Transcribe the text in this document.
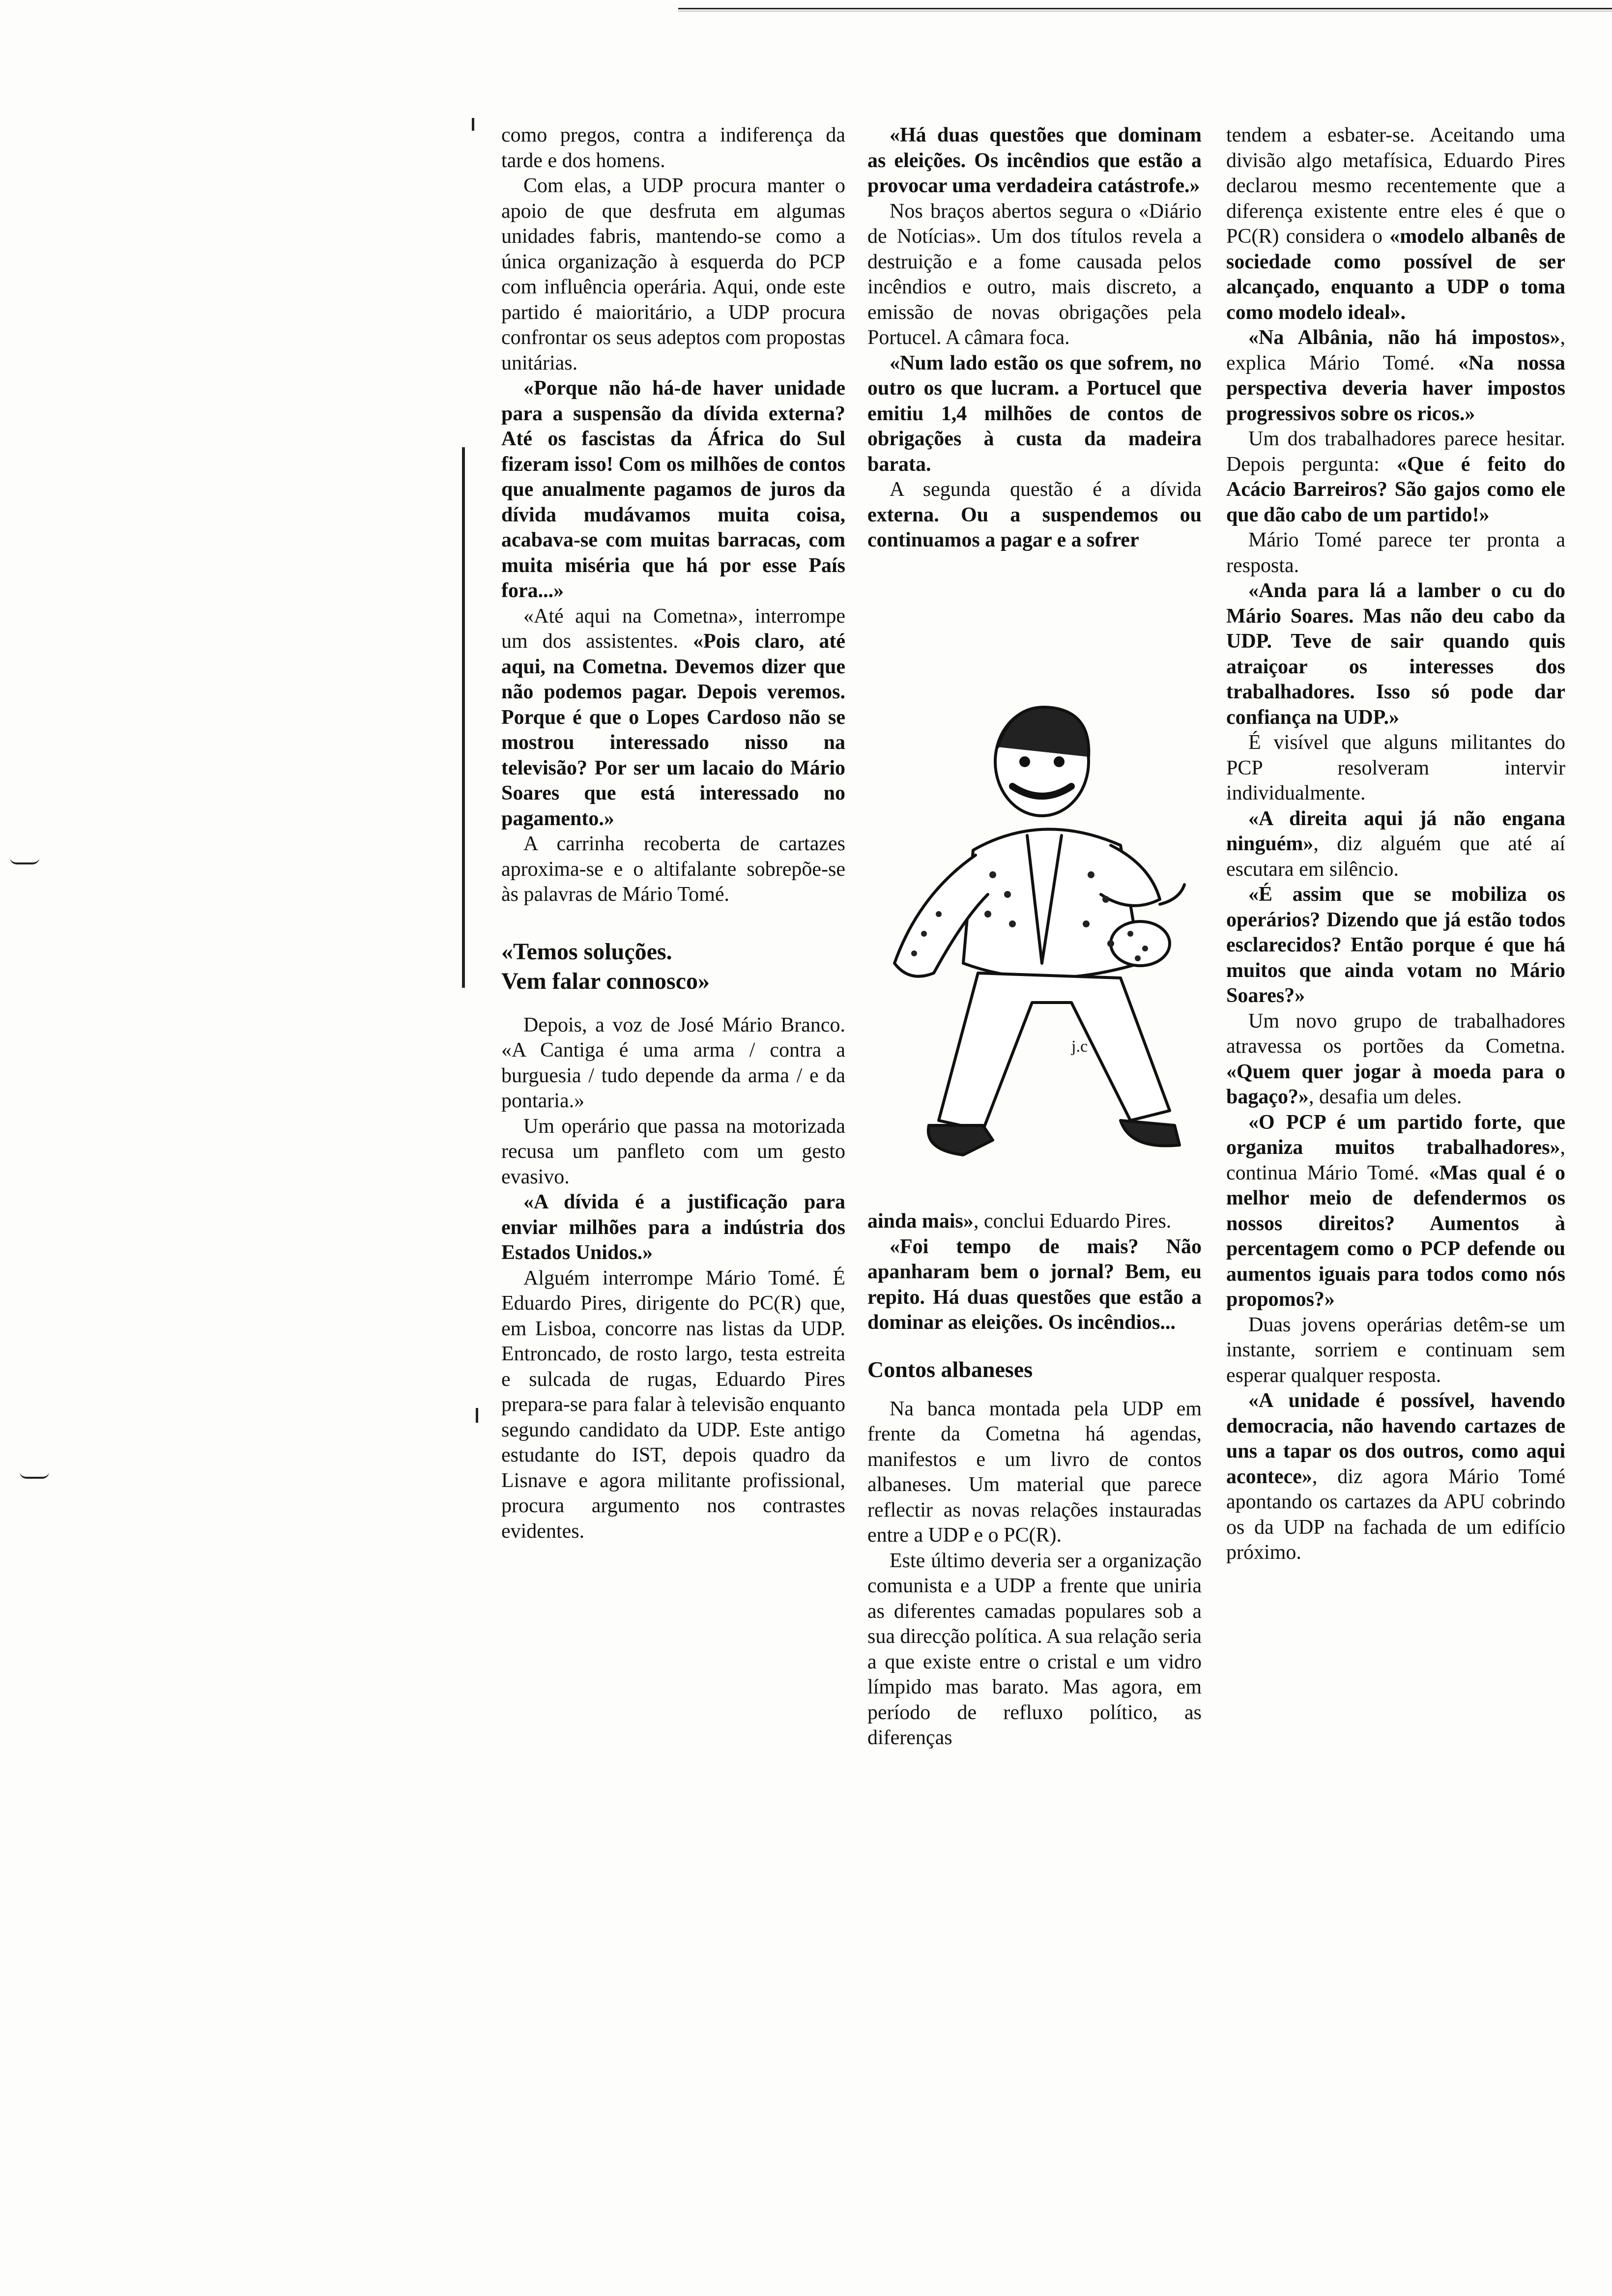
como pregos, contra a indiferença da tarde e dos homens.

Com elas, a UDP procura manter o apoio de que desfruta em algumas unidades fabris, mantendo-se como a única organização à esquerda do PCP com influência operária. Aqui, onde este partido é maioritário, a UDP procura confrontar os seus adeptos com propostas unitárias.

«Porque não há-de haver unidade para a suspensão da dívida externa? Até os fascistas da África do Sul fizeram isso! Com os milhões de contos que anualmente pagamos de juros da dívida mudávamos muita coisa, acabava-se com muitas barracas, com muita miséria que há por esse País fora...»

«Até aqui na Cometna», interrompe um dos assistentes. «Pois claro, até aqui, na Cometna. Devemos dizer que não podemos pagar. Depois veremos. Porque é que o Lopes Cardoso não se mostrou interessado nisso na televisão? Por ser um lacaio do Mário Soares que está interessado no pagamento.»

A carrinha recoberta de cartazes aproxima-se e o altifalante sobrepõe-se às palavras de Mário Tomé.

«Temos soluções.

Vem falar connosco»

Depois, a voz de José Mário Branco. «A Cantiga é uma arma / contra a burguesia / tudo depende da arma / e da pontaria.»

Um operário que passa na motorizada recusa um panfleto com um gesto evasivo.

«A dívida é a justificação para enviar milhões para a indústria dos Estados Unidos.»

Alguém interrompe Mário Tomé. É Eduardo Pires, dirigente do PC(R) que, em Lisboa, concorre nas listas da UDP. Entroncado, de rosto largo, testa estreita e sulcada de rugas, Eduardo Pires prepara-se para falar à televisão enquanto segundo candidato da UDP. Este antigo estudante do IST, depois quadro da Lisnave e agora militante profissional, procura argumento nos contrastes evidentes.

«Há duas questões que dominam as eleições. Os incêndios que estão a provocar uma verdadeira catástrofe.»

Nos braços abertos segura o «Diário de Notícias». Um dos títulos revela a destruição e a fome causada pelos incêndios e outro, mais discreto, a emissão de novas obrigações pela Portucel. A câmara foca.

«Num lado estão os que sofrem, no outro os que lucram. a Portucel que emitiu 1,4 milhões de contos de obrigações à custa da madeira barata.

A segunda questão é a dívida externa. Ou a suspendemos ou continuamos a pagar e a sofrer

j.c

ainda mais», conclui Eduardo Pires.

«Foi tempo de mais? Não apanharam bem o jornal? Bem, eu repito. Há duas questões que estão a dominar as eleições. Os incêndios...

Contos albaneses

Na banca montada pela UDP em frente da Cometna há agendas, manifestos e um livro de contos albaneses. Um material que parece reflectir as novas relações instauradas entre a UDP e o PC(R).

Este último deveria ser a organização comunista e a UDP a frente que uniria as diferentes camadas populares sob a sua direcção política. A sua relação seria a que existe entre o cristal e um vidro límpido mas barato. Mas agora, em período de refluxo político, as diferenças

tendem a esbater-se. Aceitando uma divisão algo metafísica, Eduardo Pires declarou mesmo recentemente que a diferença existente entre eles é que o PC(R) considera o «modelo albanês de sociedade como possível de ser alcançado, enquanto a UDP o toma como modelo ideal».

«Na Albânia, não há impostos», explica Mário Tomé. «Na nossa perspectiva deveria haver impostos progressivos sobre os ricos.»

Um dos trabalhadores parece hesitar. Depois pergunta: «Que é feito do Acácio Barreiros? São gajos como ele que dão cabo de um partido!»

Mário Tomé parece ter pronta a resposta.

«Anda para lá a lamber o cu do Mário Soares. Mas não deu cabo da UDP. Teve de sair quando quis atraiçoar os interesses dos trabalhadores. Isso só pode dar confiança na UDP.»

É visível que alguns militantes do PCP resolveram intervir individualmente.

«A direita aqui já não engana ninguém», diz alguém que até aí escutara em silêncio.

«É assim que se mobiliza os operários? Dizendo que já estão todos esclarecidos? Então porque é que há muitos que ainda votam no Mário Soares?»

Um novo grupo de trabalhadores atravessa os portões da Cometna. «Quem quer jogar à moeda para o bagaço?», desafia um deles.

«O PCP é um partido forte, que organiza muitos trabalhadores», continua Mário Tomé. «Mas qual é o melhor meio de defendermos os nossos direitos? Aumentos à percentagem como o PCP defende ou aumentos iguais para todos como nós propomos?»

Duas jovens operárias detêm-se um instante, sorriem e continuam sem esperar qualquer resposta.

«A unidade é possível, havendo democracia, não havendo cartazes de uns a tapar os dos outros, como aqui acontece», diz agora Mário Tomé apontando os cartazes da APU cobrindo os da UDP na fachada de um edifício próximo.
